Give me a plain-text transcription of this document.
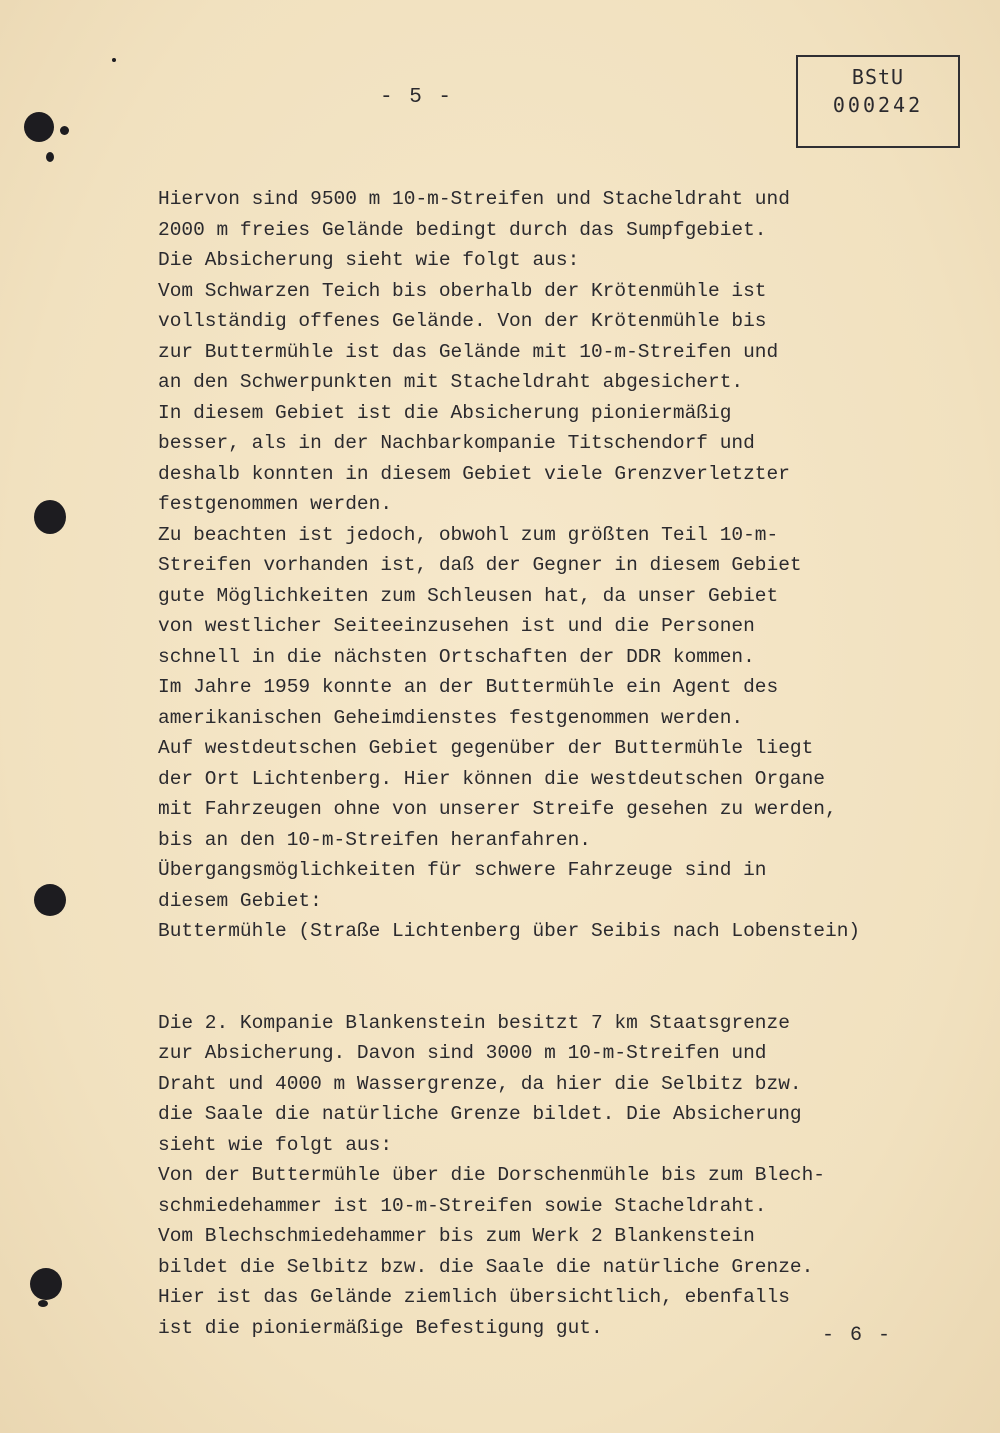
- 5 -
BStU
000242

Hiervon sind 9500 m 10-m-Streifen und Stacheldraht und

2000 m freies Gelände bedingt durch das Sumpfgebiet.

Die Absicherung sieht wie folgt aus:

Vom Schwarzen Teich bis oberhalb der Krötenmühle ist

vollständig offenes Gelände. Von der Krötenmühle bis

zur Buttermühle ist das Gelände mit 10-m-Streifen und

an den Schwerpunkten mit Stacheldraht abgesichert.

In diesem Gebiet ist die Absicherung pioniermäßig

besser, als in der Nachbarkompanie Titschendorf und

deshalb konnten in diesem Gebiet viele Grenzverletzter

festgenommen werden.

Zu beachten ist jedoch, obwohl zum größten Teil 10-m-

Streifen vorhanden ist, daß der Gegner in diesem Gebiet

gute Möglichkeiten zum Schleusen hat, da unser Gebiet

von westlicher Seiteeinzusehen ist und die Personen

schnell in die nächsten Ortschaften der DDR kommen.

Im Jahre 1959 konnte an der Buttermühle ein Agent des

amerikanischen Geheimdienstes festgenommen werden.

Auf westdeutschen Gebiet gegenüber der Buttermühle liegt

der Ort Lichtenberg. Hier können die westdeutschen Organe

mit Fahrzeugen ohne von unserer Streife gesehen zu werden,

bis an den 10-m-Streifen heranfahren.

Übergangsmöglichkeiten für schwere Fahrzeuge sind in

diesem Gebiet:

Buttermühle (Straße Lichtenberg über Seibis nach Lobenstein)

Die 2. Kompanie Blankenstein besitzt 7 km Staatsgrenze

zur Absicherung. Davon sind 3000 m 10-m-Streifen und

Draht und 4000 m Wassergrenze, da hier die Selbitz bzw.

die Saale die natürliche Grenze bildet. Die Absicherung

sieht wie folgt aus:

Von der Buttermühle über die Dorschenmühle bis zum Blech-

schmiedehammer ist 10-m-Streifen sowie Stacheldraht.

Vom Blechschmiedehammer bis zum Werk 2 Blankenstein

bildet die Selbitz bzw. die Saale die natürliche Grenze.

Hier ist das Gelände ziemlich übersichtlich, ebenfalls

ist die pioniermäßige Befestigung gut.	- 6 -
